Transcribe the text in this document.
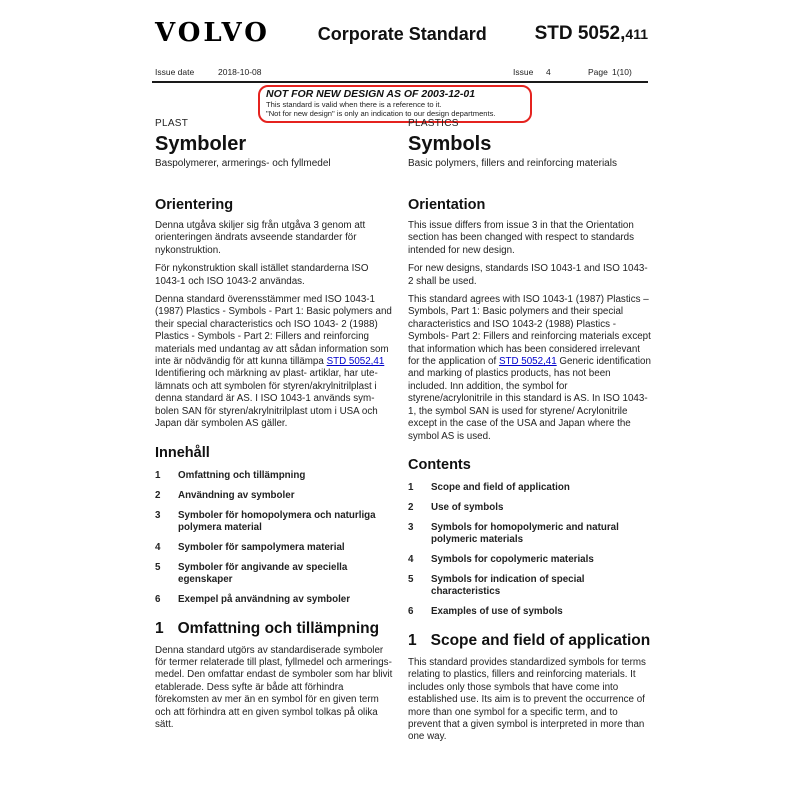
VOLVO	Corporate Standard	STD 5052,411
Issue date	2018-10-08	Issue 4	Page 1(10)
NOT FOR NEW DESIGN AS OF 2003-12-01
This standard is valid when there is a reference to it.
"Not for new design" is only an indication to our design departments.
PLAST
Symboler
Baspolymerer, armerings- och fyllmedel
Orientering

Denna utgåva skiljer sig från utgåva 3 genom att orienteringen ändrats avseende standarder för nykonstruktion.

För nykonstruktion skall istället standarderna ISO 1043-1 och ISO 1043-2 användas.

Denna standard överensstämmer med ISO 1043-1 (1987) Plastics - Symbols - Part 1: Basic polymers and their special characteristics och ISO 1043- 2 (1988) Plastics - Symbols - Part 2: Fillers and reinforcing materials med undantag av att sådan information som inte är nödvändig för att kunna tillämpa STD 5052,41 Identifiering och märkning av plast- artiklar, har ute-lämnats och att symbolen för styren/akrylnitrilplast i denna standard är AS. I ISO 1043-1 används sym-bolen SAN för styren/akrylnitrilplast utom i USA och Japan där symbolen AS gäller.

Innehåll
1	Omfattning och tillämpning
2	Användning av symboler
3	Symboler för homopolymera och naturliga polymera material
4	Symboler för sampolymera material
5	Symboler för angivande av speciella egenskaper
6	Exempel på användning av symboler
1 Omfattning och tillämpning

Denna standard utgörs av standardiserade symboler för termer relaterade till plast, fyllmedel och armerings-medel. Den omfattar endast de symboler som har blivit etablerade. Dess syfte är både att förhindra förekomsten av mer än en symbol för en given term och att förhindra att en given symbol tolkas på olika sätt.

PLASTICS
Symbols
Basic polymers, fillers and reinforcing materials
Orientation

This issue differs from issue 3 in that the Orientation section has been changed with respect to standards intended for new design.

For new designs, standards ISO 1043-1 and ISO 1043-2 shall be used.

This standard agrees with ISO 1043-1 (1987) Plastics – Symbols, Part 1: Basic polymers and their special characteristics and ISO 1043-2 (1988) Plastics - Symbols- Part 2: Fillers and reinforcing materials except that information which has been considered irrelevant for the application of STD 5052,41 Generic identification and marking of plastics products, has not been included. Inn addition, the symbol for styrene/acrylonitrile in this standard is AS. In ISO 1043-1, the symbol SAN is used for styrene/ Acrylonitrile except in the case of the USA and Japan where the symbol AS is used.

Contents
1	Scope and field of application
2	Use of symbols
3	Symbols for homopolymeric and natural polymeric materials
4	Symbols for copolymeric materials
5	Symbols for indication of special characteristics
6	Examples of use of symbols
1 Scope and field of application

This standard provides standardized symbols for terms relating to plastics, fillers and reinforcing materials. It includes only those symbols that have come into established use. Its aim is to prevent the occurrence of more than one symbol for a specific term, and to prevent that a given symbol is interpreted in more than one way.
